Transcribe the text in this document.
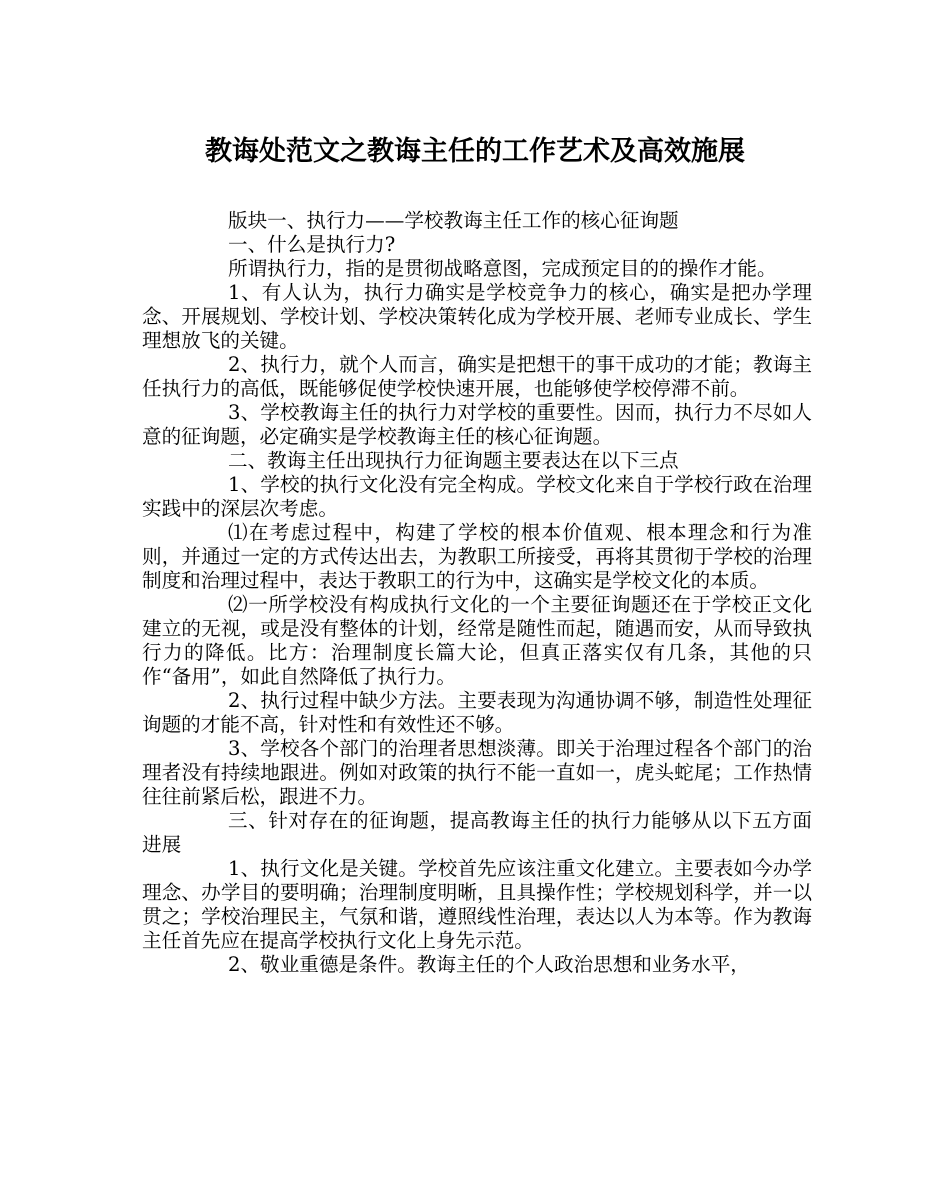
教诲处范文之教诲主任的工作艺术及高效施展

版块一、执行力——学校教诲主任工作的核心征询题

一、什么是执行力?

所谓执行力，指的是贯彻战略意图，完成预定目的的操作才能。

1、有人认为，执行力确实是学校竞争力的核心，确实是把办学理念、开展规划、学校计划、学校决策转化成为学校开展、老师专业成长、学生理想放飞的关键。

2、执行力，就个人而言，确实是把想干的事干成功的才能；教诲主任执行力的高低，既能够促使学校快速开展，也能够使学校停滞不前。

3、学校教诲主任的执行力对学校的重要性。因而，执行力不尽如人意的征询题，必定确实是学校教诲主任的核心征询题。

二、教诲主任出现执行力征询题主要表达在以下三点

1、学校的执行文化没有完全构成。学校文化来自于学校行政在治理实践中的深层次考虑。

⑴在考虑过程中，构建了学校的根本价值观、根本理念和行为准则，并通过一定的方式传达出去，为教职工所接受，再将其贯彻于学校的治理制度和治理过程中，表达于教职工的行为中，这确实是学校文化的本质。

⑵一所学校没有构成执行文化的一个主要征询题还在于学校正文化建立的无视，或是没有整体的计划，经常是随性而起，随遇而安，从而导致执行力的降低。比方：治理制度长篇大论，但真正落实仅有几条，其他的只作“备用”，如此自然降低了执行力。

2、执行过程中缺少方法。主要表现为沟通协调不够，制造性处理征询题的才能不高，针对性和有效性还不够。

3、学校各个部门的治理者思想淡薄。即关于治理过程各个部门的治理者没有持续地跟进。例如对政策的执行不能一直如一，虎头蛇尾；工作热情往往前紧后松，跟进不力。

三、针对存在的征询题，提高教诲主任的执行力能够从以下五方面进展

1、执行文化是关键。学校首先应该注重文化建立。主要表如今办学理念、办学目的要明确；治理制度明晰，且具操作性；学校规划科学，并一以贯之；学校治理民主，气氛和谐，遵照线性治理，表达以人为本等。作为教诲主任首先应在提高学校执行文化上身先示范。

2、敬业重德是条件。教诲主任的个人政治思想和业务水平，
